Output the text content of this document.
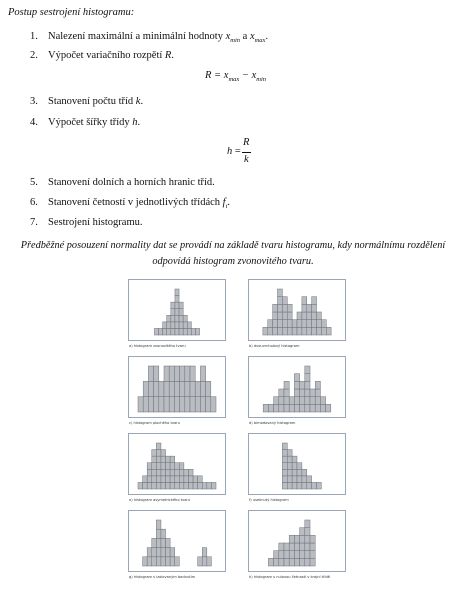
Postup sestrojení histogramu:
1. Nalezení maximální a minimální hodnoty $x_{min}$ a $x_{max}$.
2. Výpočet variačního rozpětí R.
$R = x_{max} - x_{min}$
3. Stanovení počtu tříd k.
4. Výpočet šířky třídy h.
h =
R
k
5. Stanovení dolních a horních hranic tříd.
6. Stanovení četností v jednotlivých třídách $f_i$.
7. Sestrojení histogramu.
Předběžné posouzení normality dat se provádí na základě tvaru histogramu, kdy normálnímu rozdělení odpovídá histogram zvonovitého tvaru.
a) histogram zvonovitého tvaru	b) dvouvrcholový histogram
c) histogram plochého tvaru	d) bimodovaný histogram
e) histogram asymetrického tvaru	f) useknutý histogram
g) histogram s izolovaným bodnutím	h) histogram s nulovou četností v krajní třídě
